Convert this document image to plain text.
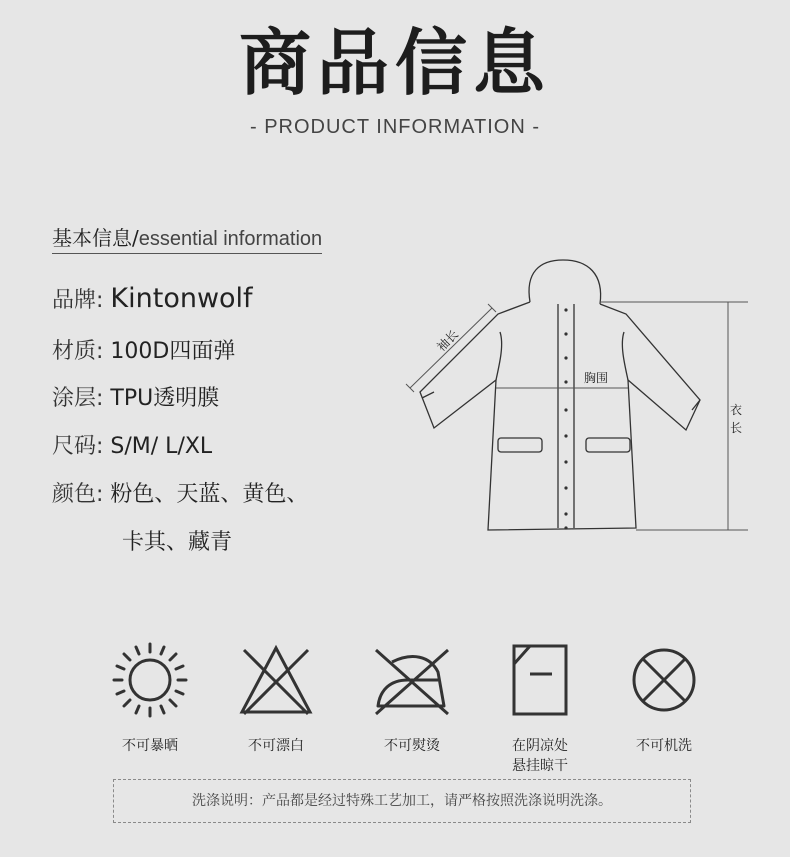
商品信息
- PRODUCT INFORMATION -
基本信息/essential information
品牌: Kintonwolf
材质: 100D四面弹
涂层: TPU透明膜
尺码: S/M/ L/XL
颜色: 粉色、天蓝、黄色、
卡其、藏青
袖长
胸围
衣
长
不可暴晒	不可漂白	不可熨烫	在阴凉处
悬挂晾干
不可机洗
洗涤说明：产品都是经过特殊工艺加工，请严格按照洗涤说明洗涤。
